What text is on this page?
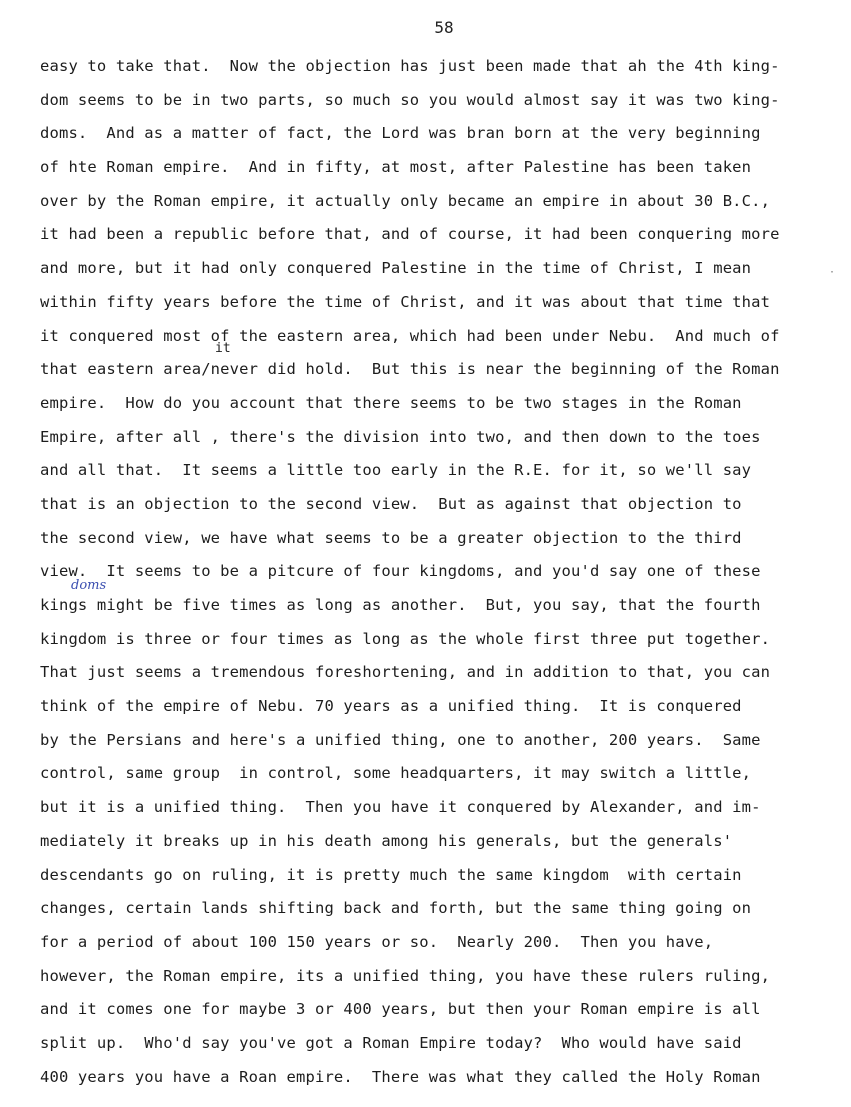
58
it
doms
·
easy to take that.  Now the objection has just been made that ah the 4th king-
dom seems to be in two parts, so much so you would almost say it was two king-
doms.  And as a matter of fact, the Lord was bran born at the very beginning
of hte Roman empire.  And in fifty, at most, after Palestine has been taken
over by the Roman empire, it actually only became an empire in about 30 B.C.,
it had been a republic before that, and of course, it had been conquering more
and more, but it had only conquered Palestine in the time of Christ, I mean
within fifty years before the time of Christ, and it was about that time that
it conquered most of the eastern area, which had been under Nebu.  And much of
that eastern area/never did hold.  But this is near the beginning of the Roman
empire.  How do you account that there seems to be two stages in the Roman
Empire, after all , there's the division into two, and then down to the toes
and all that.  It seems a little too early in the R.E. for it, so we'll say
that is an objection to the second view.  But as against that objection to
the second view, we have what seems to be a greater objection to the third
view.  It seems to be a pitcure of four kingdoms, and you'd say one of these
kings might be five times as long as another.  But, you say, that the fourth
kingdom is three or four times as long as the whole first three put together.
That just seems a tremendous foreshortening, and in addition to that, you can
think of the empire of Nebu. 70 years as a unified thing.  It is conquered
by the Persians and here's a unified thing, one to another, 200 years.  Same
control, same group  in control, some headquarters, it may switch a little,
but it is a unified thing.  Then you have it conquered by Alexander, and im-
mediately it breaks up in his death among his generals, but the generals'
descendants go on ruling, it is pretty much the same kingdom  with certain
changes, certain lands shifting back and forth, but the same thing going on
for a period of about 100 150 years or so.  Nearly 200.  Then you have,
however, the Roman empire, its a unified thing, you have these rulers ruling,
and it comes one for maybe 3 or 400 years, but then your Roman empire is all
split up.  Who'd say you've got a Roman Empire today?  Who would have said
400 years you have a Roan empire.  There was what they called the Holy Roman
